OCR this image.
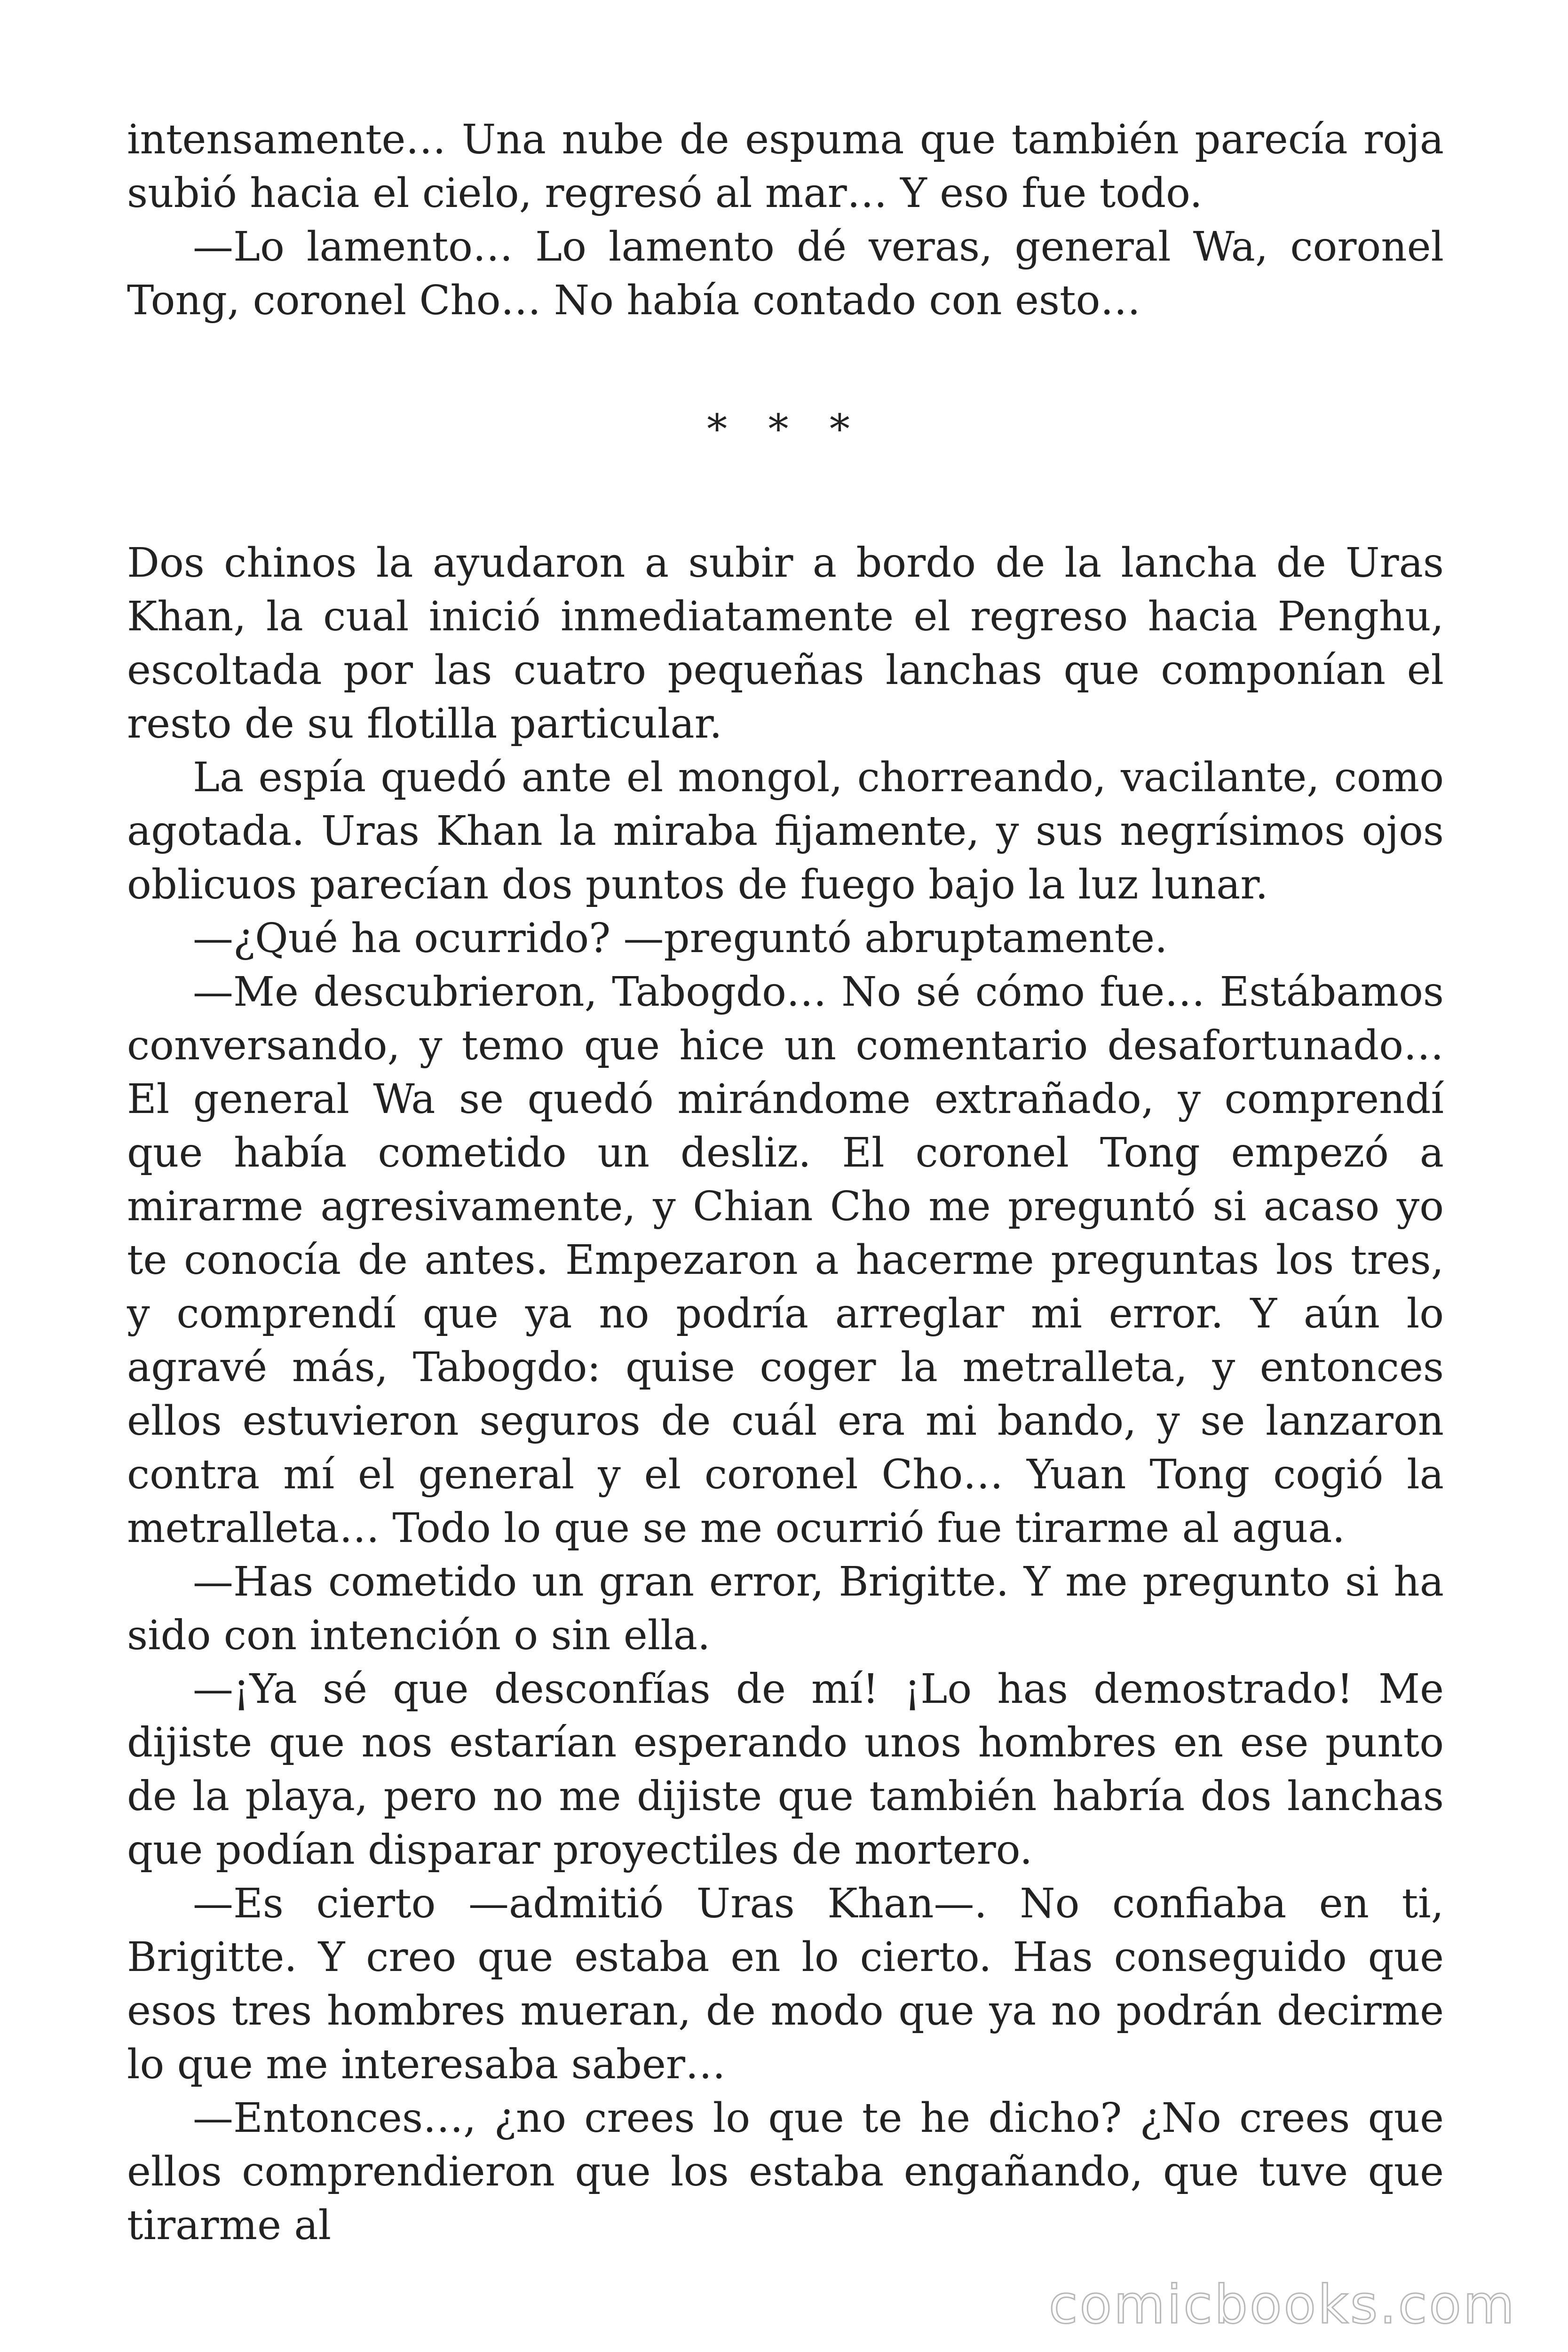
intensamente… Una nube de espuma que también parecía roja subió hacia el cielo, regresó al mar… Y eso fue todo.

—Lo lamento… Lo lamento dé veras, general Wa, coronel Tong, coronel Cho… No había contado con esto…

* * *

Dos chinos la ayudaron a subir a bordo de la lancha de Uras Khan, la cual inició inmediatamente el regreso hacia Penghu, escoltada por las cuatro pequeñas lanchas que componían el resto de su flotilla particular.

La espía quedó ante el mongol, chorreando, vacilante, como agotada. Uras Khan la miraba fijamente, y sus negrísimos ojos oblicuos parecían dos puntos de fuego bajo la luz lunar.

—¿Qué ha ocurrido? —preguntó abruptamente.

—Me descubrieron, Tabogdo… No sé cómo fue… Estábamos conversando, y temo que hice un comentario desafortunado… El general Wa se quedó mirándome extrañado, y comprendí que había cometido un desliz. El coronel Tong empezó a mirarme agresivamente, y Chian Cho me preguntó si acaso yo te conocía de antes. Empezaron a hacerme preguntas los tres, y comprendí que ya no podría arreglar mi error. Y aún lo agravé más, Tabogdo: quise coger la metralleta, y entonces ellos estuvieron seguros de cuál era mi bando, y se lanzaron contra mí el general y el coronel Cho… Yuan Tong cogió la metralleta… Todo lo que se me ocurrió fue tirarme al agua.

—Has cometido un gran error, Brigitte. Y me pregunto si ha sido con intención o sin ella.

—¡Ya sé que desconfías de mí! ¡Lo has demostrado! Me dijiste que nos estarían esperando unos hombres en ese punto de la playa, pero no me dijiste que también habría dos lanchas que podían disparar proyectiles de mortero.

—Es cierto —admitió Uras Khan—. No confiaba en ti, Brigitte. Y creo que estaba en lo cierto. Has conseguido que esos tres hombres mueran, de modo que ya no podrán decirme lo que me interesaba saber…

—Entonces…, ¿no crees lo que te he dicho? ¿No crees que ellos comprendieron que los estaba engañando, que tuve que tirarme al

comicbooks.com
